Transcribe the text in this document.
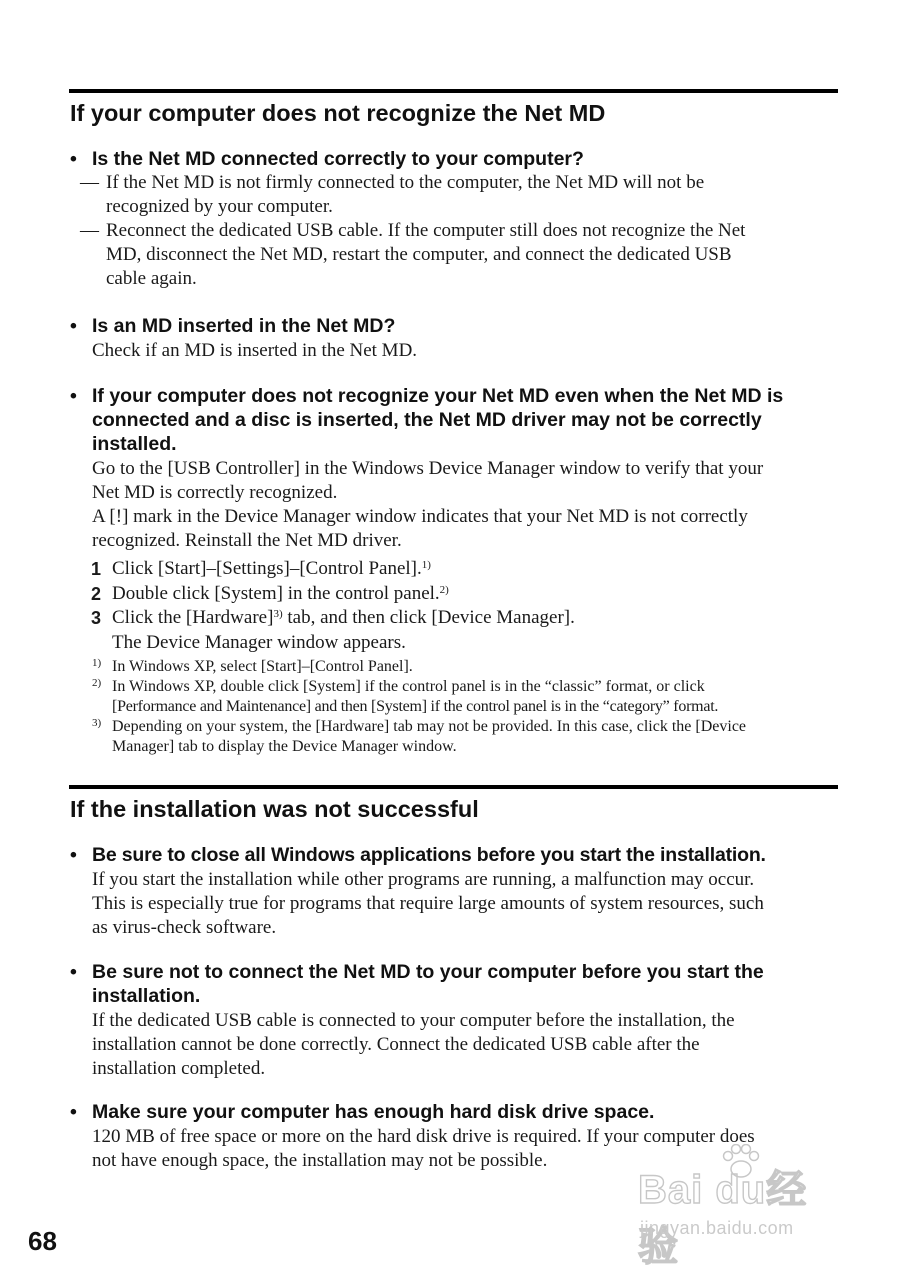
If your computer does not recognize the Net MD
• Is the Net MD connected correctly to your computer?
— If the Net MD is not firmly connected to the computer, the Net MD will not be
recognized by your computer.
— Reconnect the dedicated USB cable. If the computer still does not recognize the Net
MD, disconnect the Net MD, restart the computer, and connect the dedicated USB
cable again.
• Is an MD inserted in the Net MD?
Check if an MD is inserted in the Net MD.
• If your computer does not recognize your Net MD even when the Net MD is
connected and a disc is inserted, the Net MD driver may not be correctly
installed.
Go to the [USB Controller] in the Windows Device Manager window to verify that your
Net MD is correctly recognized.
A [!] mark in the Device Manager window indicates that your Net MD is not correctly
recognized. Reinstall the Net MD driver.
1 Click [Start]–[Settings]–[Control Panel].$^{1)}$
2 Double click [System] in the control panel.$^{2)}$
3 Click the [Hardware]$^{3)}$ tab, and then click [Device Manager].
The Device Manager window appears.
1) In Windows XP, select [Start]–[Control Panel].
2) In Windows XP, double click [System] if the control panel is in the “classic” format, or click
[Performance and Maintenance] and then [System] if the control panel is in the “category” format.
3) Depending on your system, the [Hardware] tab may not be provided. In this case, click the [Device
Manager] tab to display the Device Manager window.
If the installation was not successful
• Be sure to close all Windows applications before you start the installation.
If you start the installation while other programs are running, a malfunction may occur.
This is especially true for programs that require large amounts of system resources, such
as virus-check software.
• Be sure not to connect the Net MD to your computer before you start the
installation.
If the dedicated USB cable is connected to your computer before the installation, the
installation cannot be done correctly. Connect the dedicated USB cable after the
installation completed.
• Make sure your computer has enough hard disk drive space.
120 MB of free space or more on the hard disk drive is required. If your computer does
not have enough space, the installation may not be possible.
68
Bai du经验
jingyan.baidu.com
